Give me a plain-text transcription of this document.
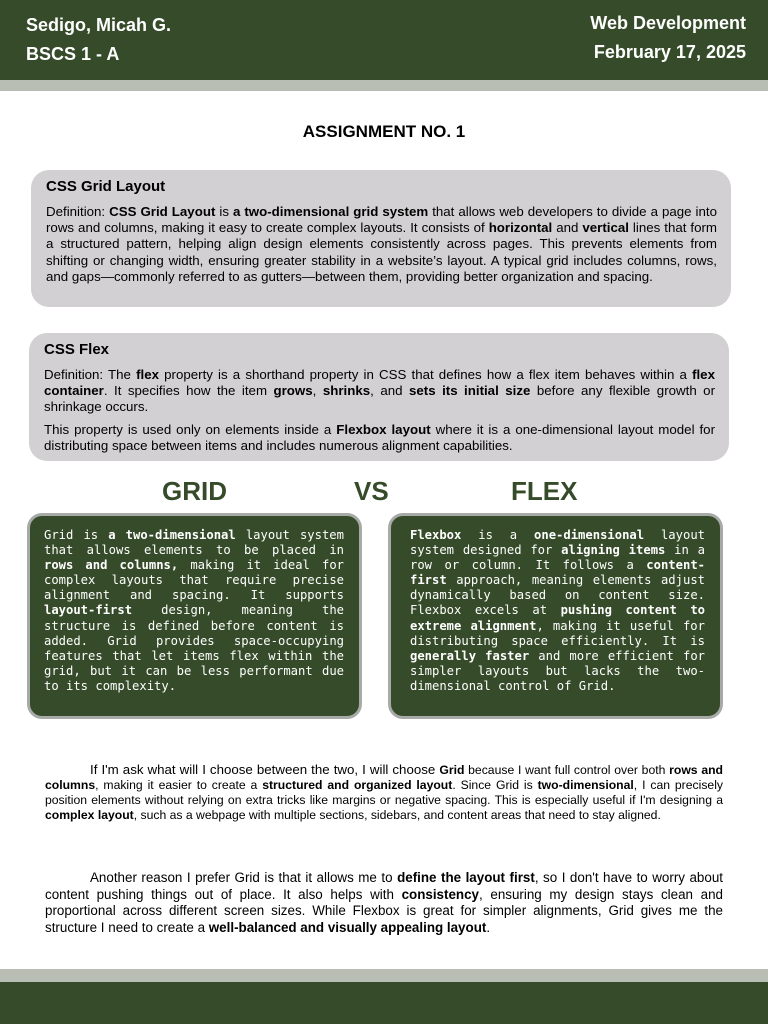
Sedigo, Micah G.
BSCS 1 - A
Web Development
February 17, 2025
ASSIGNMENT NO. 1
CSS Grid Layout

Definition: CSS Grid Layout is a two-dimensional grid system that allows web developers to divide a page into rows and columns, making it easy to create complex layouts. It consists of horizontal and vertical lines that form a structured pattern, helping align design elements consistently across pages. This prevents elements from shifting or changing width, ensuring greater stability in a website’s layout. A typical grid includes columns, rows, and gaps—commonly referred to as gutters—between them, providing better organization and spacing.

CSS Flex

Definition: The flex property is a shorthand property in CSS that defines how a flex item behaves within a flex container. It specifies how the item grows, shrinks, and sets its initial size before any flexible growth or shrinkage occurs.

This property is used only on elements inside a Flexbox layout where it is a one-dimensional layout model for distributing space between items and includes numerous alignment capabilities.

GRID	VS	FLEX
Grid is a two-dimensional layout system that allows elements to be placed in rows and columns, making it ideal for complex layouts that require precise alignment and spacing. It supports layout-first design, meaning the structure is defined before content is added. Grid provides space-occupying features that let items flex within the grid, but it can be less performant due to its complexity.
Flexbox is a one-dimensional layout system designed for aligning items in a row or column. It follows a content-first approach, meaning elements adjust dynamically based on content size. Flexbox excels at pushing content to extreme alignment, making it useful for distributing space efficiently. It is generally faster and more efficient for simpler layouts but lacks the two-dimensional control of Grid.
If I'm ask what will I choose between the two, I will choose Grid because I want full control over both rows and columns, making it easier to create a structured and organized layout. Since Grid is two-dimensional, I can precisely position elements without relying on extra tricks like margins or negative spacing. This is especially useful if I'm designing a complex layout, such as a webpage with multiple sections, sidebars, and content areas that need to stay aligned.
Another reason I prefer Grid is that it allows me to define the layout first, so I don't have to worry about content pushing things out of place. It also helps with consistency, ensuring my design stays clean and proportional across different screen sizes. While Flexbox is great for simpler alignments, Grid gives me the structure I need to create a well-balanced and visually appealing layout.
